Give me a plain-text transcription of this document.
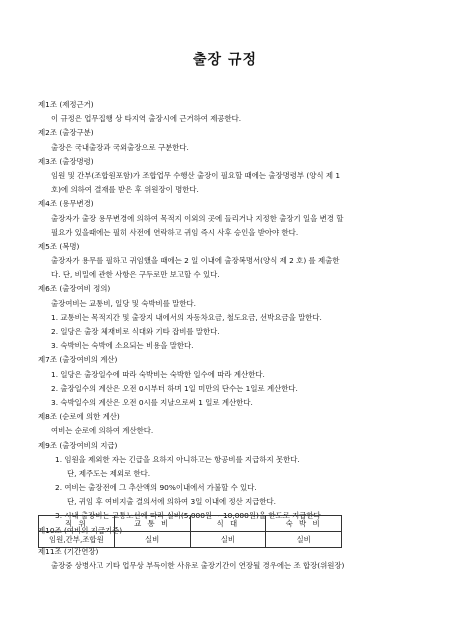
출장 규정
제1조 (제정근거)
이 규정은 업무집행 상 타지역 출장시에 근거하여 제공한다.
제2조 (출장구분)
출장은 국내출장과 국외출장으로 구분한다.
제3조 (출장명령)
임원 및 간부(조합원포함)가 조합업무 수행산 출장이 필요할 때에는 출장명령부 (양식 제 1
호)에 의하여 결재를 받은 후 위원장이 명한다.
제4조 (용무변경)
출장자가 출장 용무변경에 의하여 목적지 이외의 곳에 들리거나 지정한 출장기 일을 변경 할
필요가 있을때에는 필히 사전에 연락하고 귀임 즉시 사후 승인을 받아야 한다.
제5조 (복명)
출장자가 용무를 필하고 귀임했을 때에는 2 일 이내에 출장복명서(양식 제 2 호) 를 제출한
다. 단, 비밀에 관한 사항은 구두로만 보고할 수 있다.
제6조 (출장여비 정의)
출장여비는 교통비, 일당 및 숙박비를 말한다.
1. 교통비는 목적지간 및 출장지 내에서의 자동차요금, 철도요금, 선박요금을 말한다.
2. 일당은 출장 체재비로 식대와 기타 잡비를 말한다.
3. 숙박비는 숙박에 소요되는 비용을 말한다.
제7조 (출장여비의 계산)
1. 일당은 출장일수에 따라 숙박비는 숙박한 일수에 따라 계산한다.
2. 출장일수의 계산은 오전 0시부터 하며 1일 미만의 단수는 1일로 계산한다.
3. 숙박일수의 계산은 오전 0시를 지날으로써 1 일로 계산한다.
제8조 (순로에 의한 계산)
여비는 순로에 의하여 계산한다.
제9조 (출장여비의 지급)
1. 임원을 제외한 자는 긴급을 요하지 아니하고는 항공비를 지급하지 못한다.
단, 제주도는 제외로 한다.
2. 여비는 출장전에 그 추산액의 90%이내에서 가불할 수 있다.
단, 귀임 후 여비지출 결의서에 의하여 3일 이내에 정산 지급한다.
3. 시내 출장비는 교통노선에 따라 실비(5,000원 ~ 10,000원)을 한도로 지급한다
제10조 (여비의 지급기준)
직 위	교 통 비	식 대	숙 박 비
임원,간부,조합원	실비	실비	실비
제11조 (기간연장)
출장중 상병사고 기타 업무상 부득이한 사유로 출장기간이 연장될 경우에는 조 합장(위원장)
